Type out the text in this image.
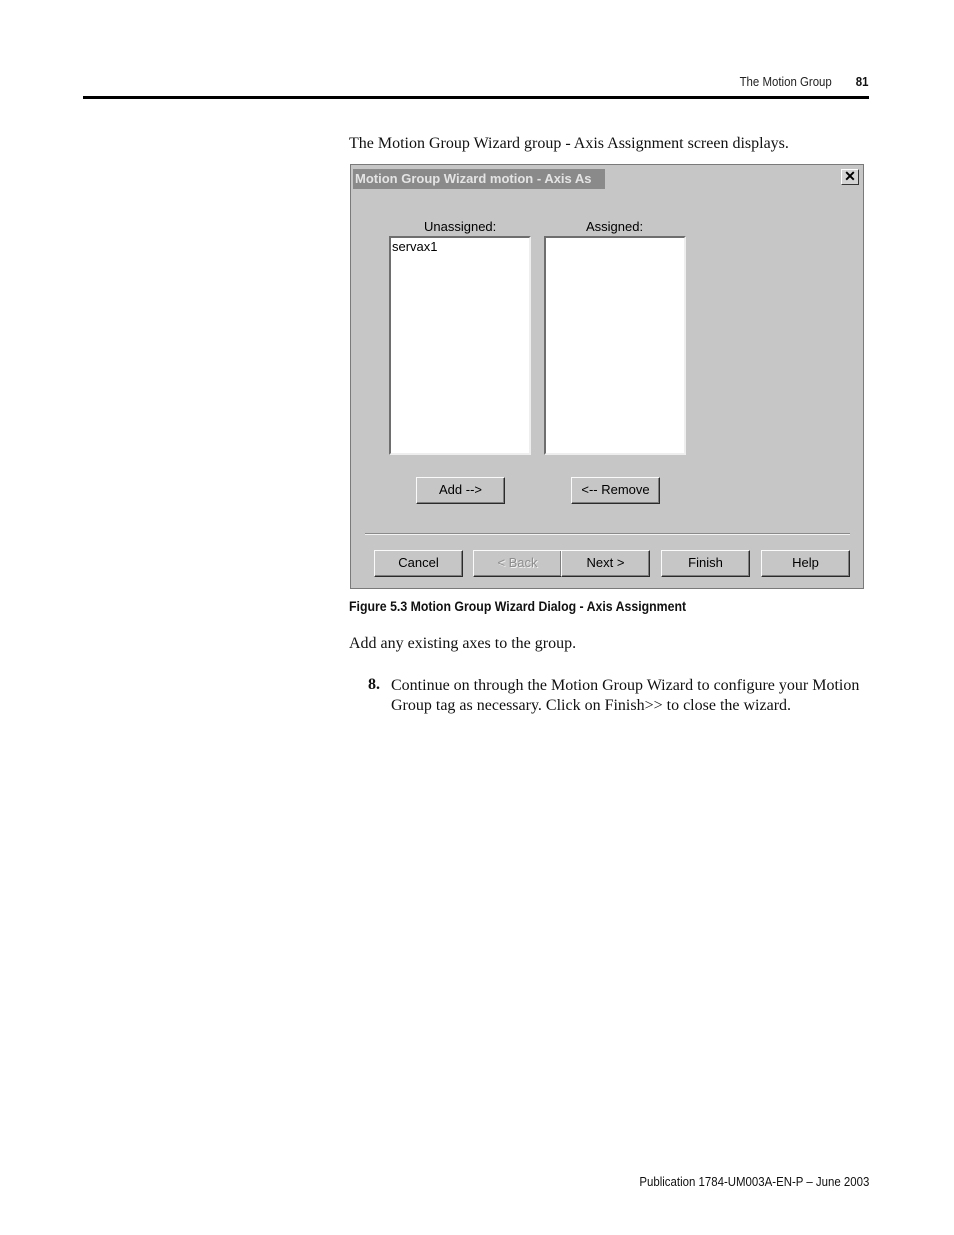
The Motion Group 81
The Motion Group Wizard group - Axis Assignment screen displays.
Motion Group Wizard motion - Axis As	✕
Unassigned:	Assigned:
servax1
Add -->	<-- Remove
Cancel	< Back	Next >	Finish	Help
Figure 5.3 Motion Group Wizard Dialog - Axis Assignment
Add any existing axes to the group.
8. Continue on through the Motion Group Wizard to configure your Motion Group tag as necessary. Click on Finish>> to close the wizard.
Publication 1784-UM003A-EN-P – June 2003
